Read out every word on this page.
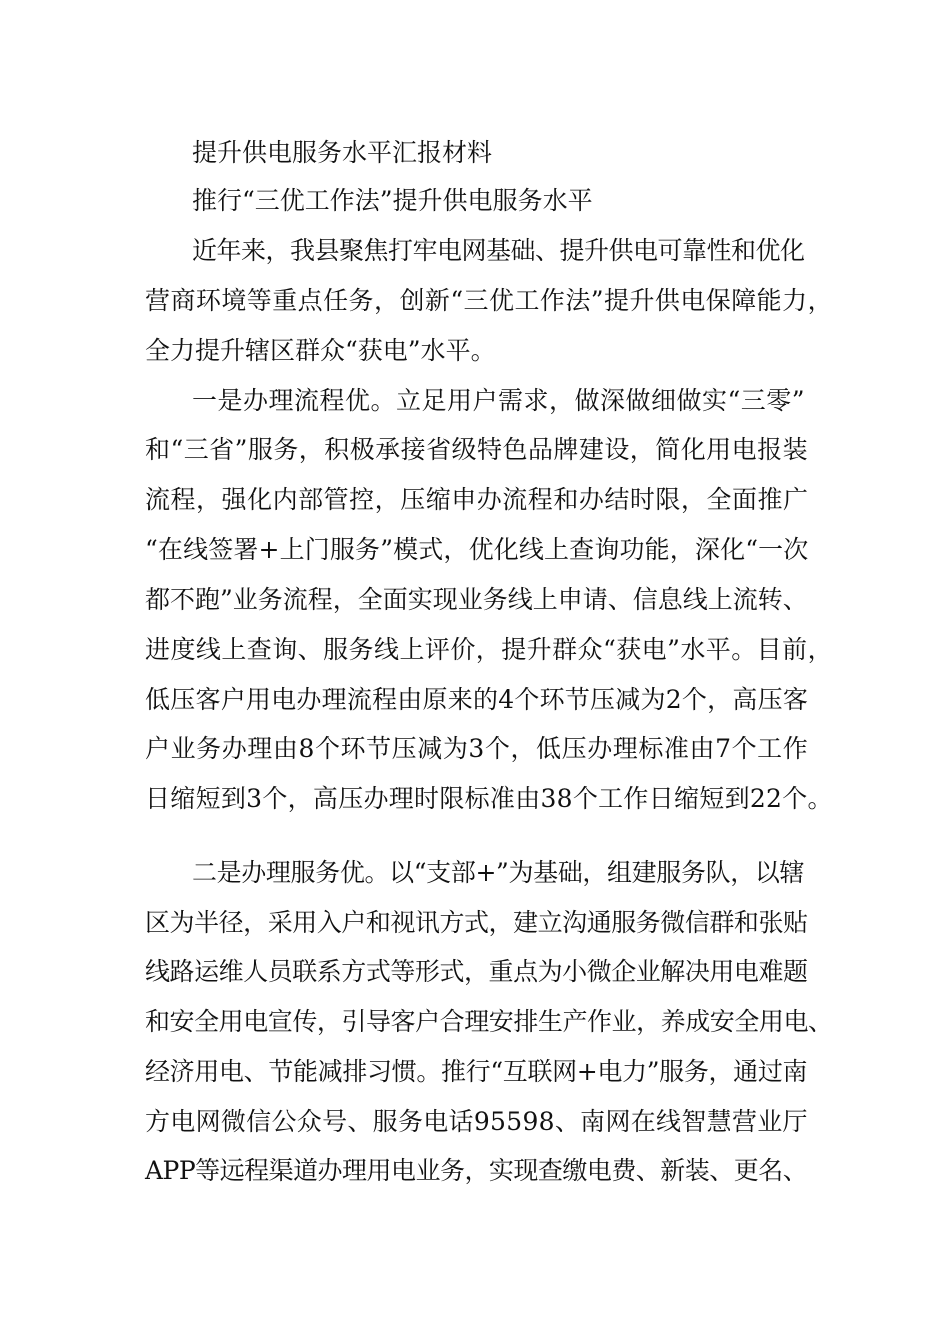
提升供电服务水平汇报材料
推行“三优工作法”提升供电服务水平
近年来，我县聚焦打牢电网基础、提升供电可靠性和优化
营商环境等重点任务，创新“三优工作法”提升供电保障能力，
全力提升辖区群众“获电”水平。
一是办理流程优。立足用户需求，做深做细做实“三零”
和“三省”服务，积极承接省级特色品牌建设，简化用电报装
流程，强化内部管控，压缩申办流程和办结时限，全面推广
“在线签署+上门服务”模式，优化线上查询功能，深化“一次
都不跑”业务流程，全面实现业务线上申请、信息线上流转、
进度线上查询、服务线上评价，提升群众“获电”水平。目前，
低压客户用电办理流程由原来的4个环节压减为2个，高压客
户业务办理由8个环节压减为3个，低压办理标准由7个工作
日缩短到3个，高压办理时限标准由38个工作日缩短到22个。
二是办理服务优。以“支部+”为基础，组建服务队，以辖
区为半径，采用入户和视讯方式，建立沟通服务微信群和张贴
线路运维人员联系方式等形式，重点为小微企业解决用电难题
和安全用电宣传，引导客户合理安排生产作业，养成安全用电、
经济用电、节能减排习惯。推行“互联网+电力”服务，通过南
方电网微信公众号、服务电话95598、南网在线智慧营业厅
APP等远程渠道办理用电业务，实现查缴电费、新装、更名、
